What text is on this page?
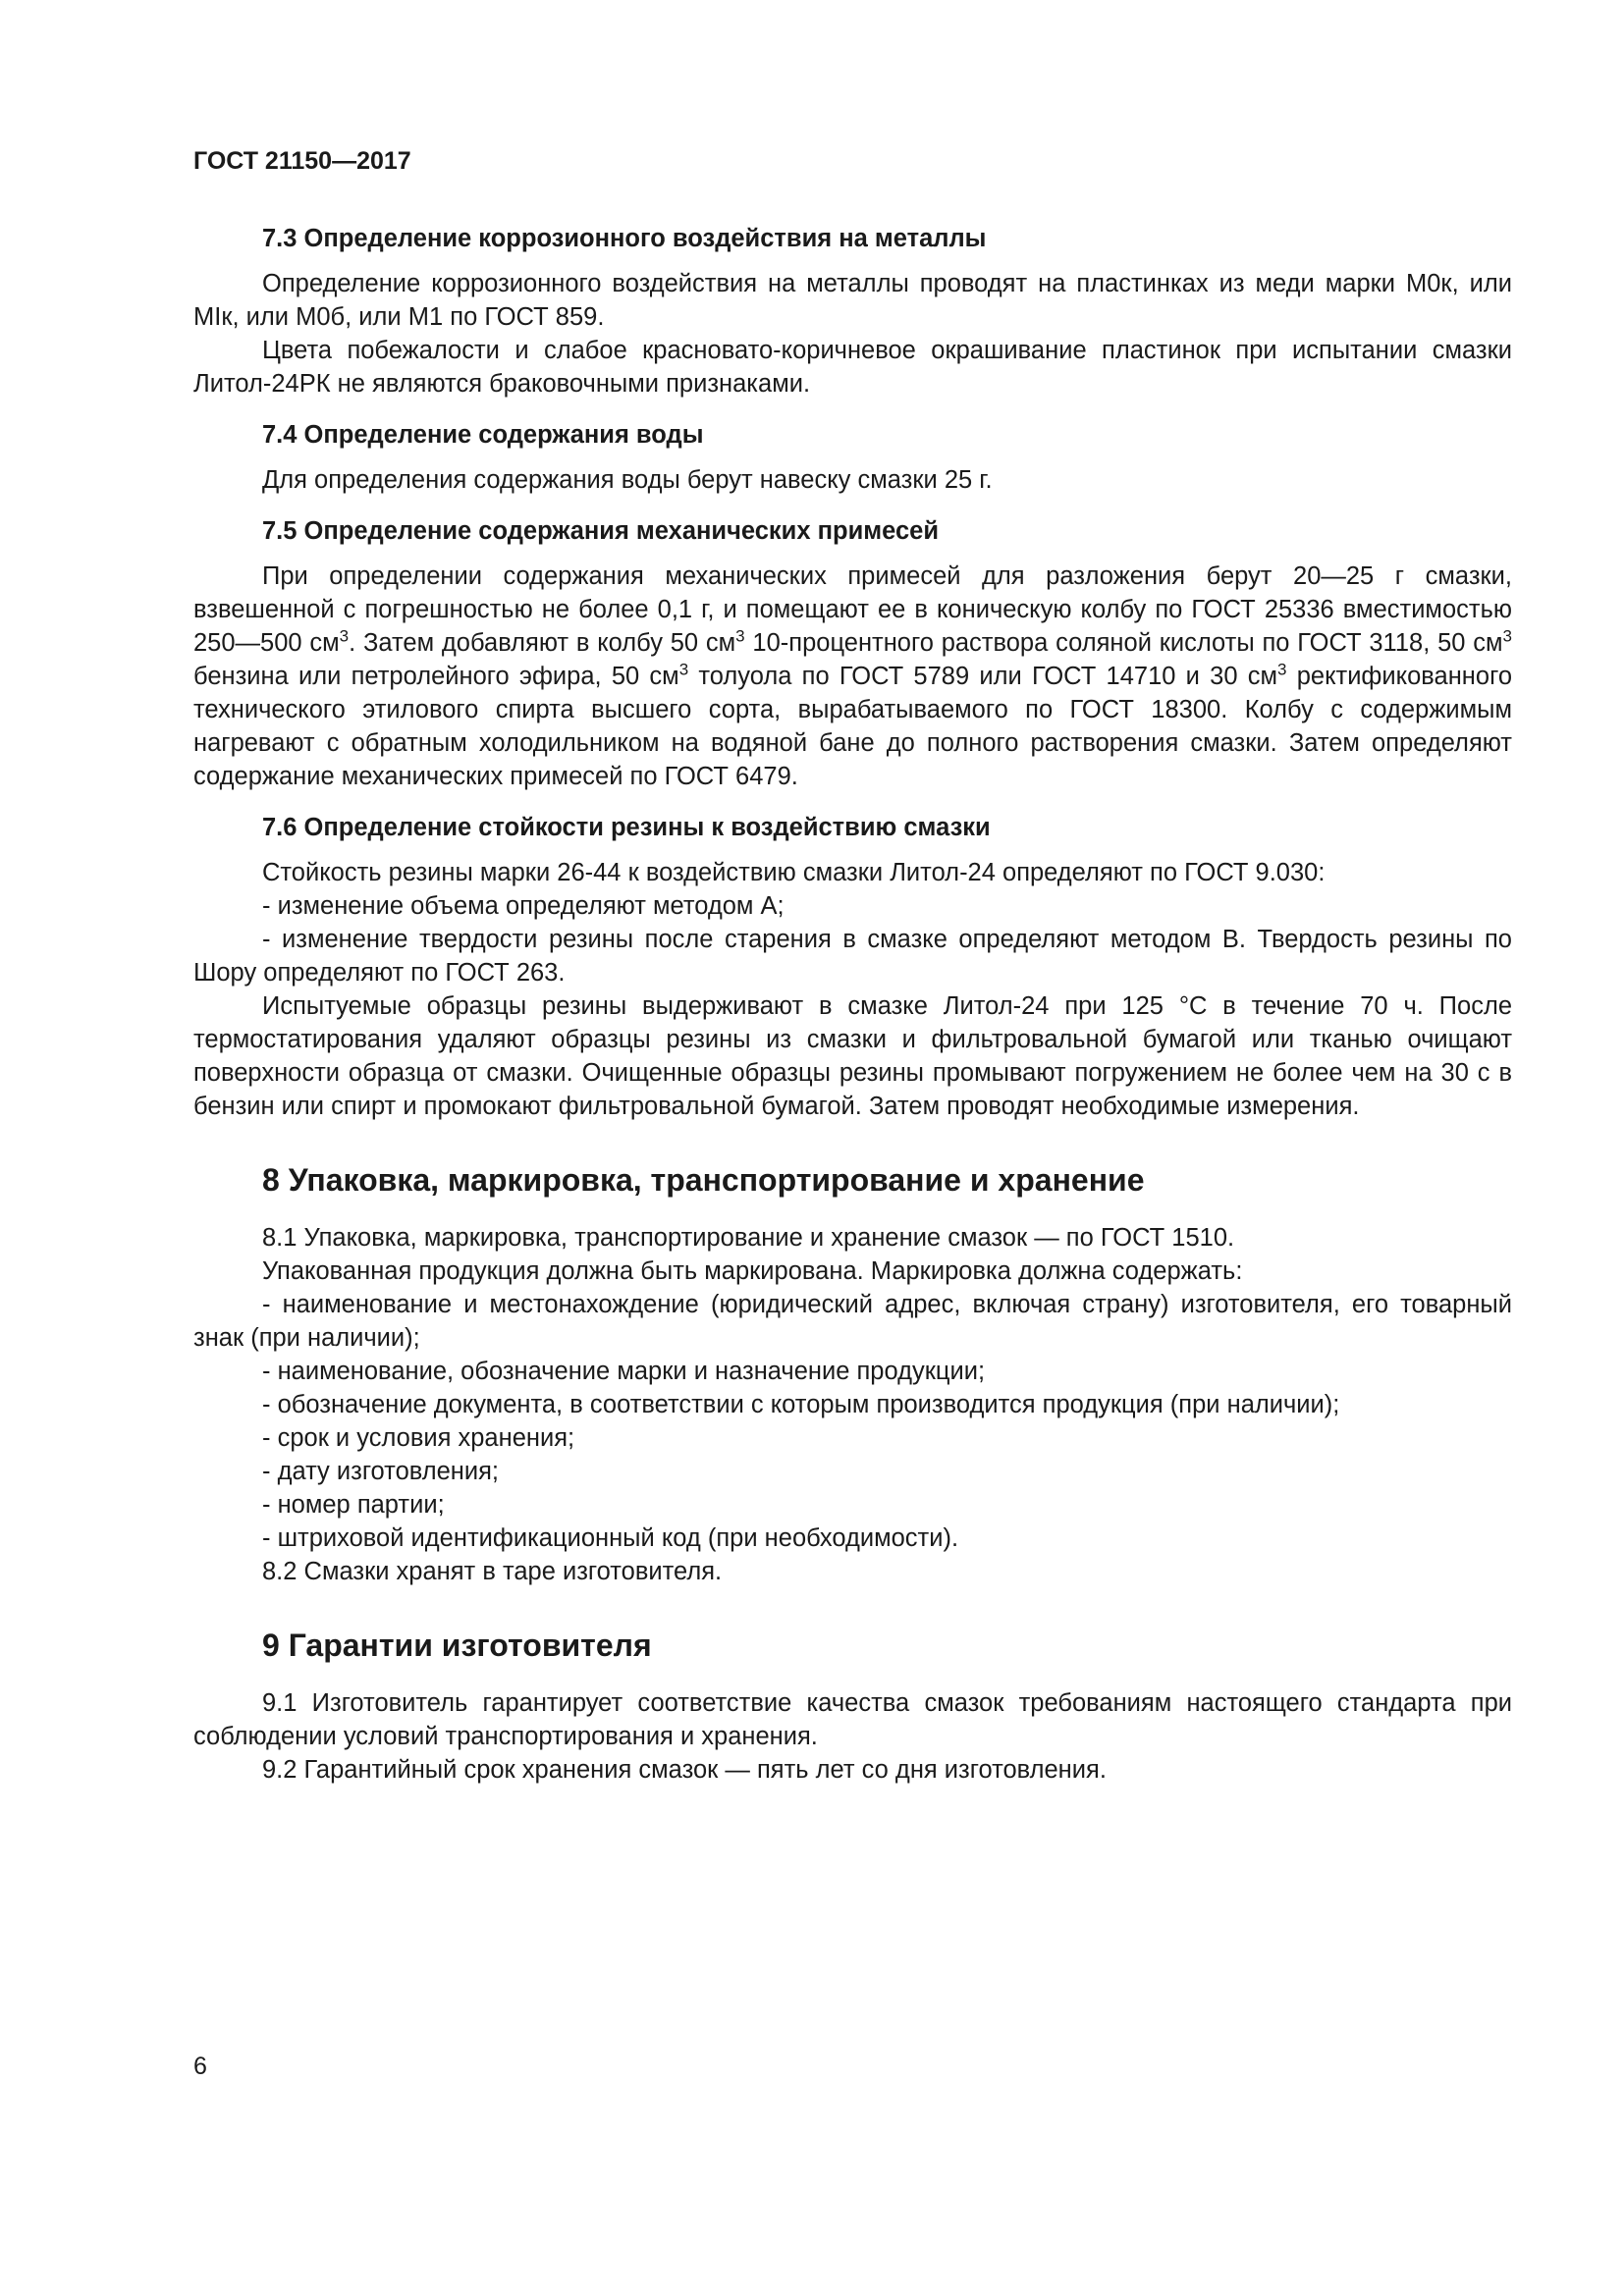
ГОСТ 21150—2017

7.3 Определение коррозионного воздействия на металлы

Определение коррозионного воздействия на металлы проводят на пластинках из меди марки М0к, или МIк, или М0б, или М1 по ГОСТ 859.

Цвета побежалости и слабое красновато-коричневое окрашивание пластинок при испытании смазки Литол-24РК не являются браковочными признаками.

7.4 Определение содержания воды

Для определения содержания воды берут навеску смазки 25 г.

7.5 Определение содержания механических примесей

При определении содержания механических примесей для разложения берут 20—25 г смазки, взвешенной с погрешностью не более 0,1 г, и помещают ее в коническую колбу по ГОСТ 25336 вместимостью 250—500 $см^3$. Затем добавляют в колбу 50 $см^3$ 10-процентного раствора соляной кислоты по ГОСТ 3118, 50 $см^3$ бензина или петролейного эфира, 50 $см^3$ толуола по ГОСТ 5789 или ГОСТ 14710 и 30 $см^3$ ректификованного технического этилового спирта высшего сорта, вырабатываемого по ГОСТ 18300. Колбу с содержимым нагревают с обратным холодильником на водяной бане до полного растворения смазки. Затем определяют содержание механических примесей по ГОСТ 6479.

7.6 Определение стойкости резины к воздействию смазки

Стойкость резины марки 26-44 к воздействию смазки Литол-24 определяют по ГОСТ 9.030:

- изменение объема определяют методом А;

- изменение твердости резины после старения в смазке определяют методом В. Твердость резины по Шору определяют по ГОСТ 263.

Испытуемые образцы резины выдерживают в смазке Литол-24 при 125 °С в течение 70 ч. После термостатирования удаляют образцы резины из смазки и фильтровальной бумагой или тканью очищают поверхности образца от смазки. Очищенные образцы резины промывают погружением не более чем на 30 с в бензин или спирт и промокают фильтровальной бумагой. Затем проводят необходимые измерения.

8 Упаковка, маркировка, транспортирование и хранение

8.1 Упаковка, маркировка, транспортирование и хранение смазок — по ГОСТ 1510.

Упакованная продукция должна быть маркирована. Маркировка должна содержать:

- наименование и местонахождение (юридический адрес, включая страну) изготовителя, его товарный знак (при наличии);

- наименование, обозначение марки и назначение продукции;

- обозначение документа, в соответствии с которым производится продукция (при наличии);

- срок и условия хранения;

- дату изготовления;

- номер партии;

- штриховой идентификационный код (при необходимости).

8.2 Смазки хранят в таре изготовителя.

9 Гарантии изготовителя

9.1 Изготовитель гарантирует соответствие качества смазок требованиям настоящего стандарта при соблюдении условий транспортирования и хранения.

9.2 Гарантийный срок хранения смазок — пять лет со дня изготовления.

6
